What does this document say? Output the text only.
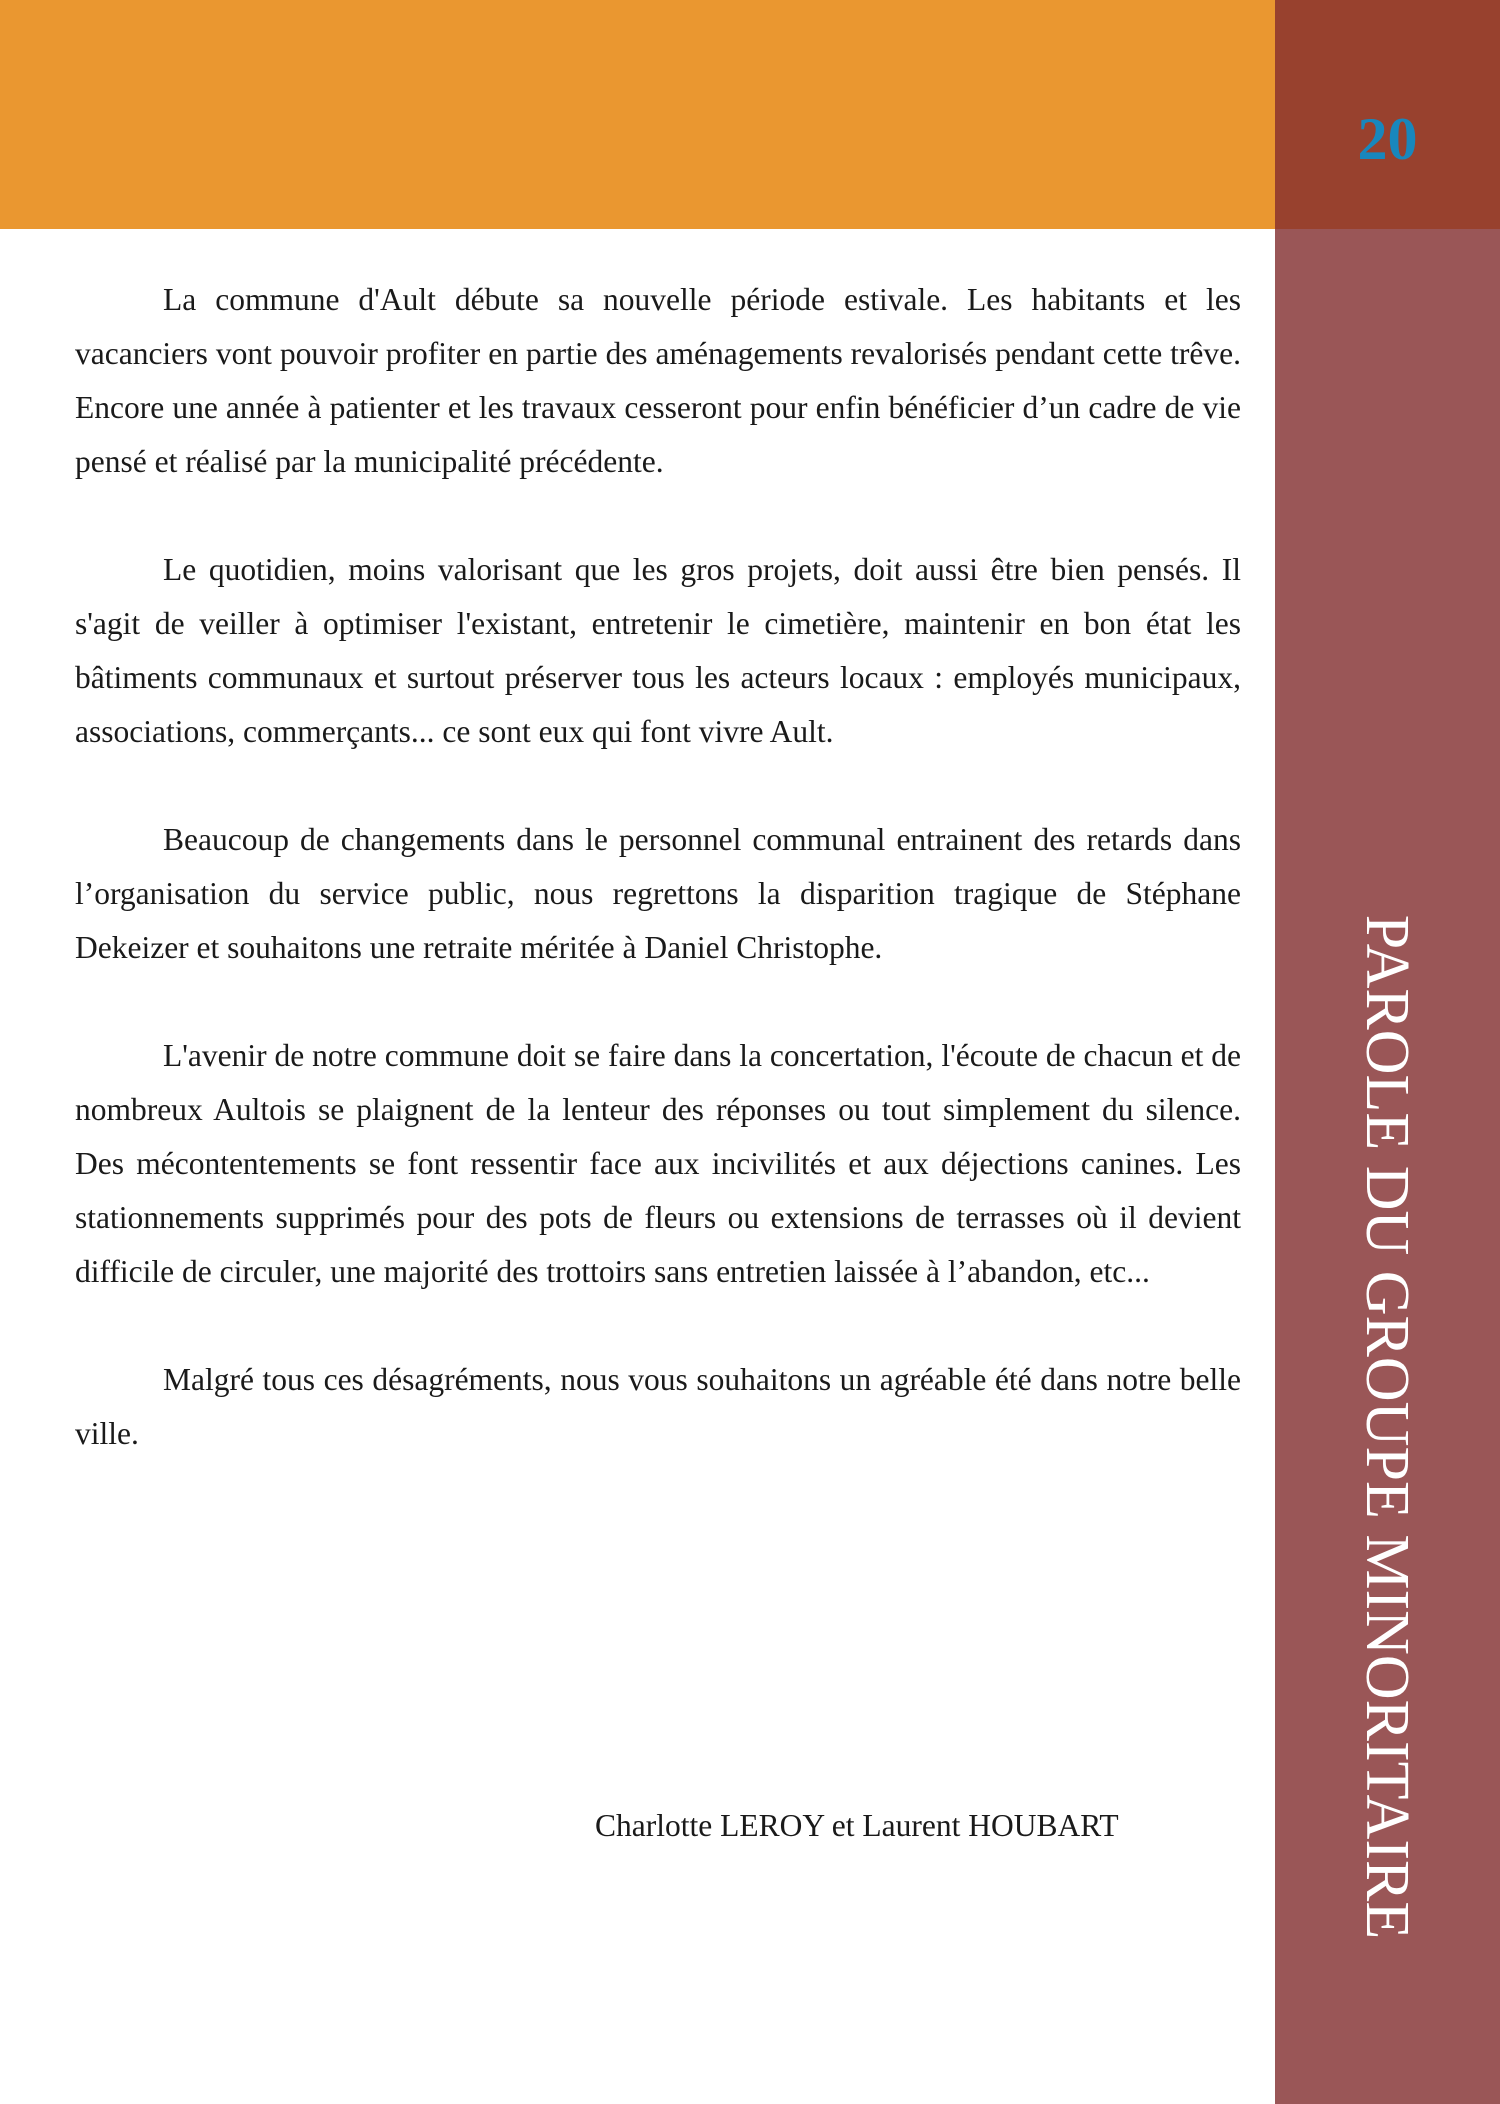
20
PAROLE DU GROUPE MINORITAIRE

La commune d'Ault débute sa nouvelle période estivale. Les habitants et les vacanciers vont pouvoir profiter en partie des aménagements revalorisés pendant cette trêve. Encore une année à patienter et les travaux cesseront pour enfin bénéficier d’un cadre de vie pensé et réalisé par la municipalité précédente.

Le quotidien, moins valorisant que les gros projets, doit aussi être bien pensés. Il s'agit de veiller à optimiser l'existant, entretenir le cimetière, maintenir en bon état les bâtiments communaux et surtout préserver tous les acteurs locaux : employés municipaux, associations, commerçants... ce sont eux qui font vivre Ault.

Beaucoup de changements dans le personnel communal entrainent des retards dans l’organisation du service public, nous regrettons la disparition tragique de Stéphane Dekeizer et souhaitons une retraite méritée à Daniel Christophe.

L'avenir de notre commune doit se faire dans la concertation, l'écoute de chacun et de nombreux Aultois se plaignent de la lenteur des réponses ou tout simplement du silence. Des mécontentements se font ressentir face aux incivilités et aux déjections canines. Les stationnements supprimés pour des pots de fleurs ou extensions de terrasses où il devient difficile de circuler, une majorité des trottoirs sans entretien laissée à l’abandon, etc...

Malgré tous ces désagréments, nous vous souhaitons un agréable été dans notre belle ville.

Charlotte LEROY et Laurent HOUBART
